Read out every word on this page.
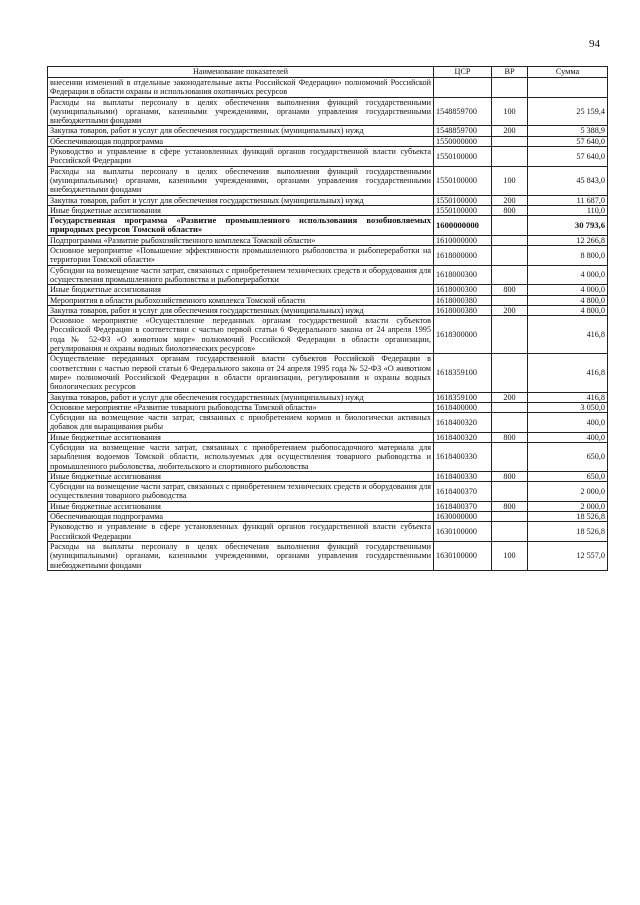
94
Наименование показателей	ЦСР	ВР	Сумма
внесении изменений в отдельные законодательные акты Российской Федерации» полномочий Российской Федерации в области охраны и использования охотничьих ресурсов			
Расходы на выплаты персоналу в целях обеспечения выполнения функций государственными (муниципальными) органами, казенными учреждениями, органами управления государственными внебюджетными фондами	1548859700	100	25 159,4
Закупка товаров, работ и услуг для обеспечения государственных (муниципальных) нужд	1548859700	200	5 388,9
Обеспечивающая подпрограмма	1550000000		57 640,0
Руководство и управление в сфере установленных функций органов государственной власти субъекта Российской Федерации	1550100000		57 640,0
Расходы на выплаты персоналу в целях обеспечения выполнения функций государственными (муниципальными) органами, казенными учреждениями, органами управления государственными внебюджетными фондами	1550100000	100	45 843,0
Закупка товаров, работ и услуг для обеспечения государственных (муниципальных) нужд	1550100000	200	11 687,0
Иные бюджетные ассигнования	1550100000	800	110,0
Государственная программа «Развитие промышленного использования возобновляемых природных ресурсов Томской области»	1600000000		30 793,6
Подпрограмма «Развитие рыбохозяйственного комплекса Томской области»	1610000000		12 266,8
Основное мероприятие «Повышение эффективности промышленного рыболовства и рыбопереработки на территории Томской области»	1618000000		8 800,0
Субсидии на возмещение части затрат, связанных с приобретением технических средств и оборудования для осуществления промышленного рыболовства и рыбопереработки	1618000300		4 000,0
Иные бюджетные ассигнования	1618000300	800	4 000,0
Мероприятия в области рыбохозяйственного комплекса Томской области	1618000380		4 800,0
Закупка товаров, работ и услуг для обеспечения государственных (муниципальных) нужд	1618000380	200	4 800,0
Основное мероприятие «Осуществление переданных органам государственной власти субъектов Российской Федерации в соответствии с частью первой статьи 6 Федерального закона от 24 апреля 1995 года № 52-ФЗ «О животном мире» полномочий Российской Федерации в области организации, регулирования и охраны водных биологических ресурсов»	1618300000		416,8
Осуществление переданных органам государственной власти субъектов Российской Федерации в соответствии с частью первой статьи 6 Федерального закона от 24 апреля 1995 года № 52-ФЗ «О животном мире» полномочий Российской Федерации в области организации, регулирования и охраны водных биологических ресурсов	1618359100		416,8
Закупка товаров, работ и услуг для обеспечения государственных (муниципальных) нужд	1618359100	200	416,8
Основное мероприятие «Развитие товарного рыбоводства Томской области»	1618400000		3 050,0
Субсидии на возмещение части затрат, связанных с приобретением кормов и биологически активных добавок для выращивания рыбы	1618400320		400,0
Иные бюджетные ассигнования	1618400320	800	400,0
Субсидии на возмещение части затрат, связанных с приобретением рыбопосадочного материала для зарыбления водоемов Томской области, используемых для осуществления товарного рыбоводства и промышленного рыболовства, любительского и спортивного рыболовства	1618400330		650,0
Иные бюджетные ассигнования	1618400330	800	650,0
Субсидии на возмещение части затрат, связанных с приобретением технических средств и оборудования для осуществления товарного рыбоводства	1618400370		2 000,0
Иные бюджетные ассигнования	1618400370	800	2 000,0
Обеспечивающая подпрограмма	1630000000		18 526,8
Руководство и управление в сфере установленных функций органов государственной власти субъекта Российской Федерации	1630100000		18 526,8
Расходы на выплаты персоналу в целях обеспечения выполнения функций государственными (муниципальными) органами, казенными учреждениями, органами управления государственными внебюджетными фондами	1630100000	100	12 557,0
